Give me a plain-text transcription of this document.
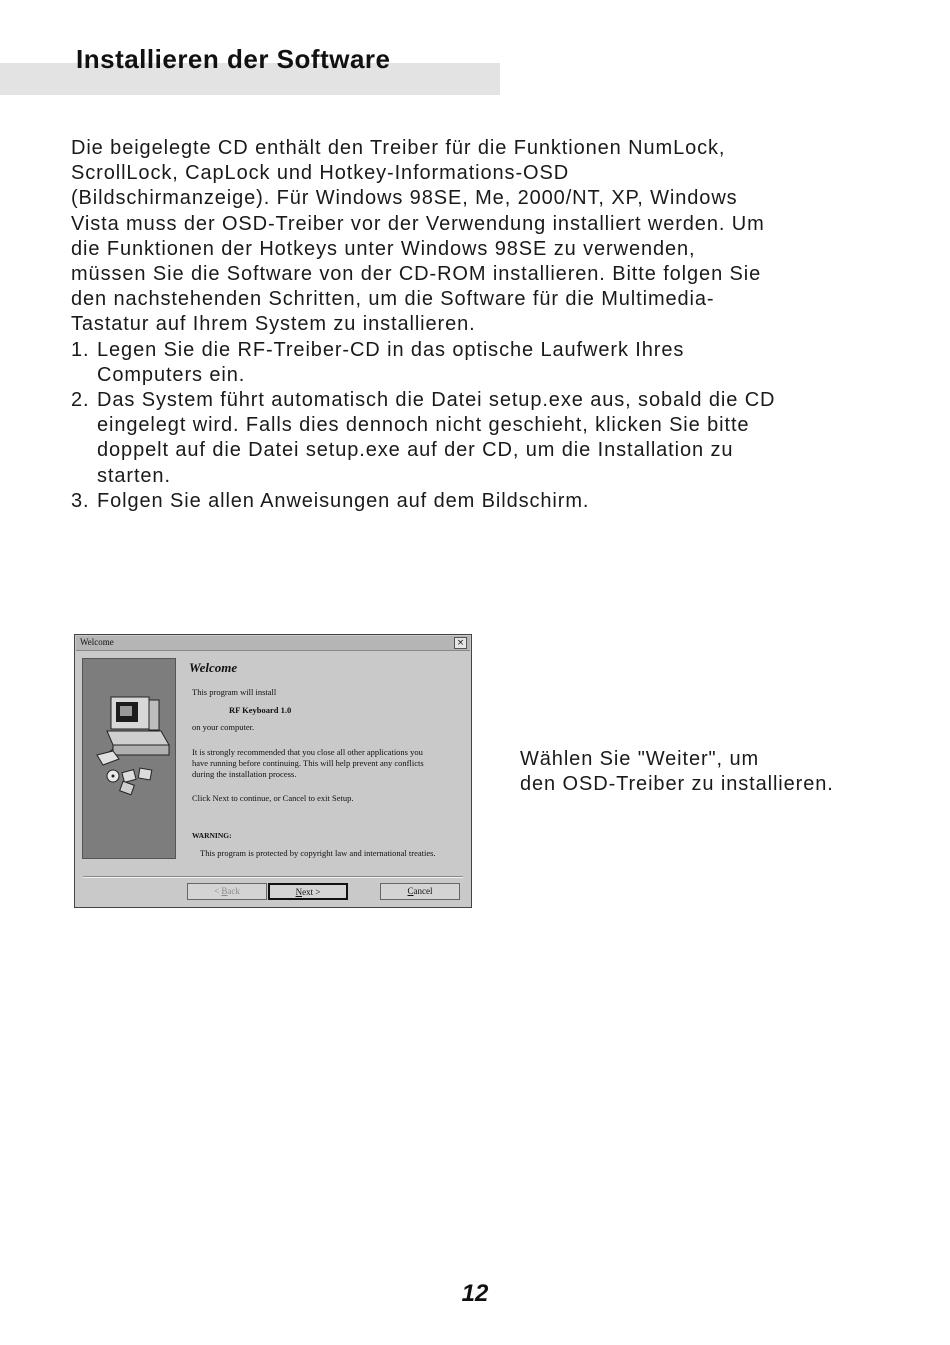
Installieren der Software

Die beigelegte CD enthält den Treiber für die Funktionen NumLock,

ScrollLock, CapLock und Hotkey-Informations-OSD

(Bildschirmanzeige). Für Windows 98SE, Me, 2000/NT, XP, Windows

Vista muss der OSD-Treiber vor der Verwendung installiert werden. Um

die Funktionen der Hotkeys unter Windows 98SE zu verwenden,

müssen Sie die Software von der CD-ROM installieren. Bitte folgen Sie

den nachstehenden Schritten, um die Software für die Multimedia-

Tastatur auf Ihrem System zu installieren.

1. Legen Sie die RF-Treiber-CD in das optische Laufwerk Ihres

Computers ein.

2. Das System führt automatisch die Datei setup.exe aus, sobald die CD

eingelegt wird. Falls dies dennoch nicht geschieht, klicken Sie bitte

doppelt auf die Datei setup.exe auf der CD, um die Installation zu

starten.

3. Folgen Sie allen Anweisungen auf dem Bildschirm.

Welcome	×
Welcome
This program will install
RF Keyboard 1.0
on your computer.
It is strongly recommended that you close all other applications you
have running before continuing. This will help prevent any conflicts
during the installation process.
Click Next to continue, or Cancel to exit Setup.
WARNING:
This program is protected by copyright law and international treaties.
< Back	Next >	Cancel

Wählen Sie "Weiter", um

den OSD-Treiber zu installieren.

12
